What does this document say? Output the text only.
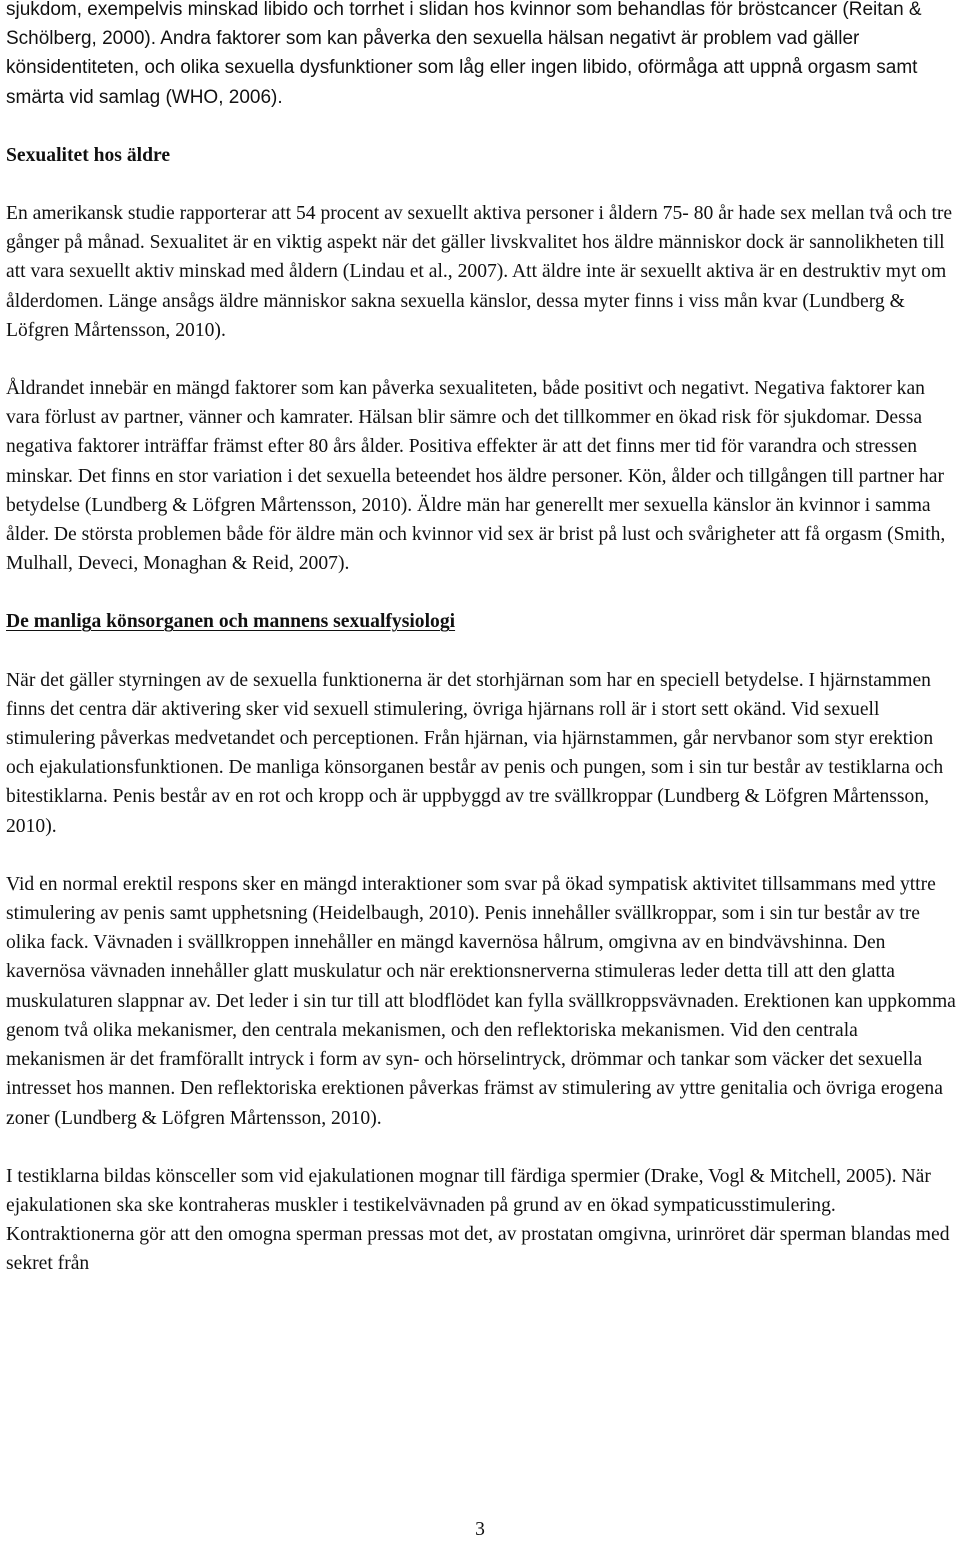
sjukdom, exempelvis minskad libido och torrhet i slidan hos kvinnor som behandlas för bröstcancer (Reitan & Schölberg, 2000). Andra faktorer som kan påverka den sexuella hälsan negativt är problem vad gäller könsidentiteten, och olika sexuella dysfunktioner som låg eller ingen libido, oförmåga att uppnå orgasm samt smärta vid samlag (WHO, 2006).

Sexualitet hos äldre

En amerikansk studie rapporterar att 54 procent av sexuellt aktiva personer i åldern 75- 80 år hade sex mellan två och tre gånger på månad. Sexualitet är en viktig aspekt när det gäller livskvalitet hos äldre människor dock är sannolikheten till att vara sexuellt aktiv minskad med åldern (Lindau et al., 2007). Att äldre inte är sexuellt aktiva är en destruktiv myt om ålderdomen. Länge ansågs äldre människor sakna sexuella känslor, dessa myter finns i viss mån kvar (Lundberg & Löfgren Mårtensson, 2010).

Åldrandet innebär en mängd faktorer som kan påverka sexualiteten, både positivt och negativt. Negativa faktorer kan vara förlust av partner, vänner och kamrater. Hälsan blir sämre och det tillkommer en ökad risk för sjukdomar. Dessa negativa faktorer inträffar främst efter 80 års ålder. Positiva effekter är att det finns mer tid för varandra och stressen minskar. Det finns en stor variation i det sexuella beteendet hos äldre personer. Kön, ålder och tillgången till partner har betydelse (Lundberg & Löfgren Mårtensson, 2010). Äldre män har generellt mer sexuella känslor än kvinnor i samma ålder. De största problemen både för äldre män och kvinnor vid sex är brist på lust och svårigheter att få orgasm (Smith, Mulhall, Deveci, Monaghan & Reid, 2007).

De manliga könsorganen och mannens sexualfysiologi

När det gäller styrningen av de sexuella funktionerna är det storhjärnan som har en speciell betydelse. I hjärnstammen finns det centra där aktivering sker vid sexuell stimulering, övriga hjärnans roll är i stort sett okänd. Vid sexuell stimulering påverkas medvetandet och perceptionen. Från hjärnan, via hjärnstammen, går nervbanor som styr erektion och ejakulationsfunktionen. De manliga könsorganen består av penis och pungen, som i sin tur består av testiklarna och bitestiklarna. Penis består av en rot och kropp och är uppbyggd av tre svällkroppar (Lundberg & Löfgren Mårtensson, 2010).

Vid en normal erektil respons sker en mängd interaktioner som svar på ökad sympatisk aktivitet tillsammans med yttre stimulering av penis samt upphetsning (Heidelbaugh, 2010). Penis innehåller svällkroppar, som i sin tur består av tre olika fack. Vävnaden i svällkroppen innehåller en mängd kavernösa hålrum, omgivna av en bindvävshinna. Den kavernösa vävnaden innehåller glatt muskulatur och när erektionsnerverna stimuleras leder detta till att den glatta muskulaturen slappnar av. Det leder i sin tur till att blodflödet kan fylla svällkroppsvävnaden. Erektionen kan uppkomma genom två olika mekanismer, den centrala mekanismen, och den reflektoriska mekanismen. Vid den centrala mekanismen är det framförallt intryck i form av syn- och hörselintryck, drömmar och tankar som väcker det sexuella intresset hos mannen. Den reflektoriska erektionen påverkas främst av stimulering av yttre genitalia och övriga erogena zoner (Lundberg & Löfgren Mårtensson, 2010).

I testiklarna bildas könsceller som vid ejakulationen mognar till färdiga spermier (Drake, Vogl & Mitchell, 2005). När ejakulationen ska ske kontraheras muskler i testikelvävnaden på grund av en ökad sympaticusstimulering. Kontraktionerna gör att den omogna sperman pressas mot det, av prostatan omgivna, urinröret där sperman blandas med sekret från

3
